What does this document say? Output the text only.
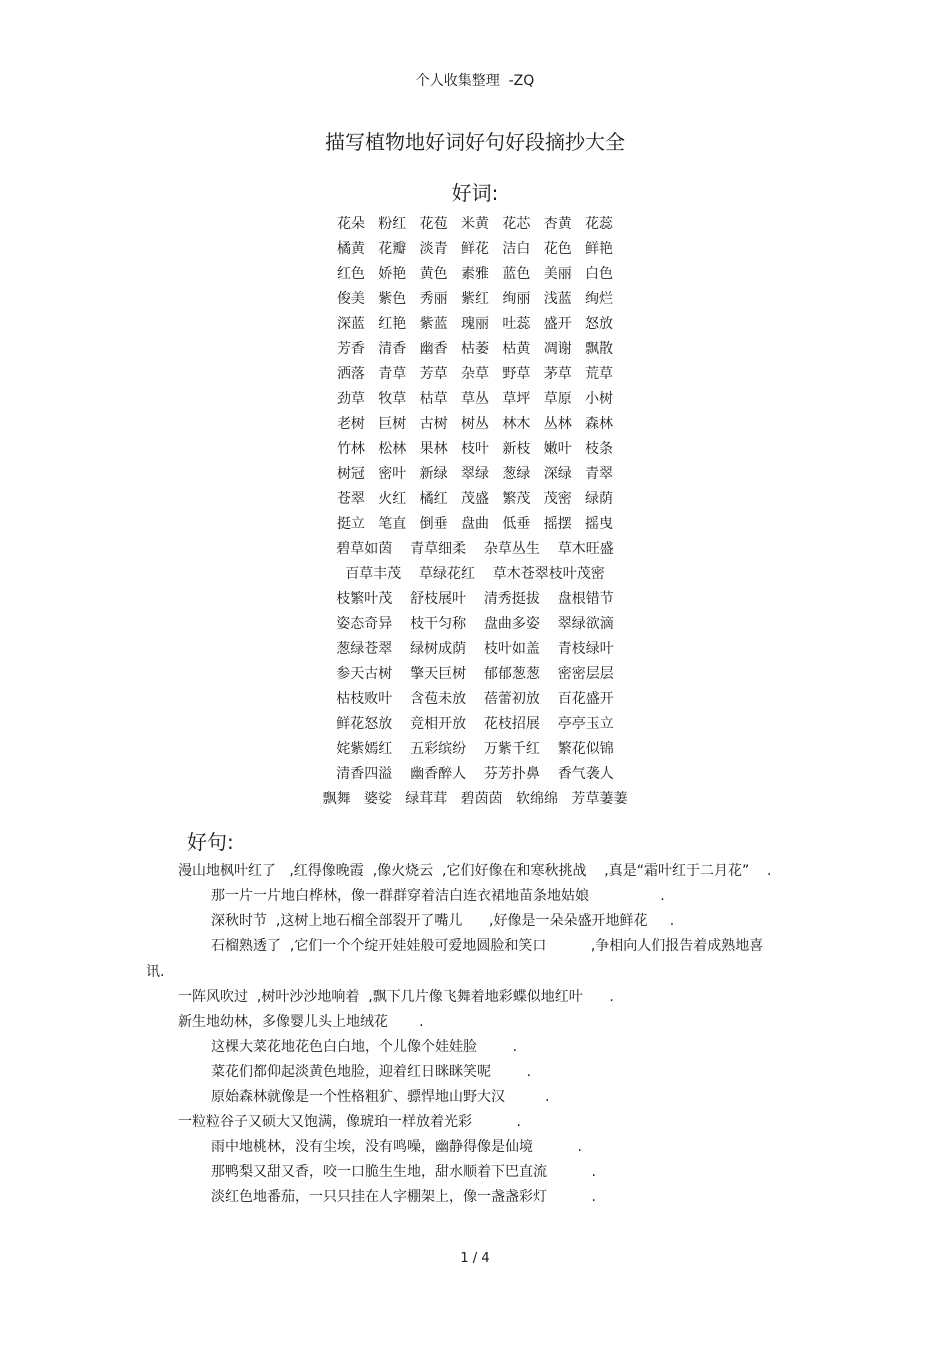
个人收集整理  -ZQ
描写植物地好词好句好段摘抄大全
好词:

花朵   粉红   花苞   米黄   花芯   杏黄   花蕊

橘黄   花瓣   淡青   鲜花   洁白   花色   鲜艳

红色   娇艳   黄色   素雅   蓝色   美丽   白色

俊美   紫色   秀丽   紫红   绚丽   浅蓝   绚烂

深蓝   红艳   紫蓝   瑰丽   吐蕊   盛开   怒放

芳香   清香   幽香   枯萎   枯黄   凋谢   飘散

洒落   青草   芳草   杂草   野草   茅草   荒草

劲草   牧草   枯草   草丛   草坪   草原   小树

老树   巨树   古树   树丛   林木   丛林   森林

竹林   松林   果林   枝叶   新枝   嫩叶   枝条

树冠   密叶   新绿   翠绿   葱绿   深绿   青翠

苍翠   火红   橘红   茂盛   繁茂   茂密   绿荫

挺立   笔直   倒垂   盘曲   低垂   摇摆   摇曳

碧草如茵    青草细柔    杂草丛生    草木旺盛

百草丰茂    草绿花红    草木苍翠枝叶茂密

枝繁叶茂    舒枝展叶    清秀挺拔    盘根错节

姿态奇异    枝干匀称    盘曲多姿    翠绿欲滴

葱绿苍翠    绿树成荫    枝叶如盖    青枝绿叶

参天古树    擎天巨树    郁郁葱葱    密密层层

枯枝败叶    含苞未放    蓓蕾初放    百花盛开

鲜花怒放    竞相开放    花枝招展    亭亭玉立

姹紫嫣红    五彩缤纷    万紫千红    繁花似锦

清香四溢    幽香醉人    芬芳扑鼻    香气袭人

飘舞   婆娑   绿茸茸   碧茵茵   软绵绵   芳草萋萋

好句:

漫山地枫叶红了   ,红得像晚霞  ,像火烧云  ,它们好像在和寒秋挑战    ,真是“霜叶红于二月花”    .

那一片一片地白桦林，像一群群穿着洁白连衣裙地苗条地姑娘                .

深秋时节  ,这树上地石榴全部裂开了嘴儿      ,好像是一朵朵盛开地鲜花     .

石榴熟透了  ,它们一个个绽开娃娃般可爱地圆脸和笑口          ,争相向人们报告着成熟地喜

讯.

一阵风吹过  ,树叶沙沙地响着  ,飘下几片像飞舞着地彩蝶似地红叶      .

新生地幼林，多像婴儿头上地绒花       .

这棵大菜花地花色白白地，个儿像个娃娃脸        .

菜花们都仰起淡黄色地脸，迎着红日眯眯笑呢        .

原始森林就像是一个性格粗犷、骠悍地山野大汉         .

一粒粒谷子又硕大又饱满，像琥珀一样放着光彩          .

雨中地桃林，没有尘埃，没有鸣噪，幽静得像是仙境          .

那鸭梨又甜又香，咬一口脆生生地，甜水顺着下巴直流          .

淡红色地番茄，一只只挂在人字棚架上，像一盏盏彩灯          .

1 / 4
